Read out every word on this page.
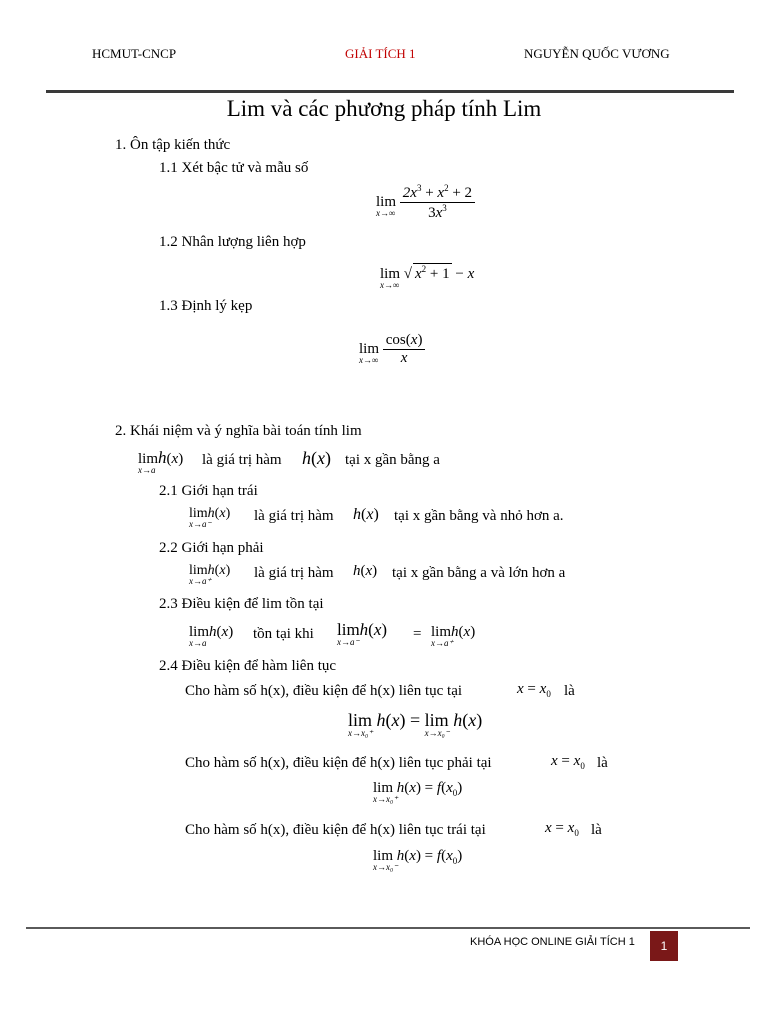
HCMUT-CNCP	GIẢI TÍCH 1	NGUYỄN QUỐC VƯƠNG
Lim và các phương pháp tính Lim
1. Ôn tập kiến thức
1.1 Xét bậc tử và mẫu số
lim
x→∞
$\frac{2x^3 + x^2 + 2}{3x^3}$
1.2 Nhân lượng liên hợp
lim
x→∞
√ $x^2 + 1 - x$
1.3 Định lý kẹp
lim
x→∞
$\frac{\cos(x)}{x}$
2. Khái niệm và ý nghĩa bài toán tính lim
lim
x→a
h(x) là giá trị hàm h(x) tại x gần bằng a
2.1 Giới hạn trái
lim
x→a⁻
h(x) là giá trị hàm h(x) tại x gần bằng và nhỏ hơn a.
2.2 Giới hạn phải
lim
x→a⁺
h(x) là giá trị hàm h(x) tại x gần bằng a và lớn hơn a
2.3 Điều kiện để lim tồn tại
lim
x→a
h(x) tồn tại khi lim
x→a⁻
h(x) = lim
x→a⁺
h(x)
2.4 Điều kiện để hàm liên tục
Cho hàm số h(x), điều kiện để h(x) liên tục tại	$x = x_0$ là
lim
x→x₀⁺
h(x) = lim
x→x₀⁻
h(x)
Cho hàm số h(x), điều kiện để h(x) liên tục phải tại	$x = x_0$ là
lim
x→x₀⁺
$h(x) = f(x_0)$
Cho hàm số h(x), điều kiện để h(x) liên tục trái tại	$x = x_0$ là
lim
x→x₀⁻
$h(x) = f(x_0)$
KHÓA HỌC ONLINE GIẢI TÍCH 1	1
